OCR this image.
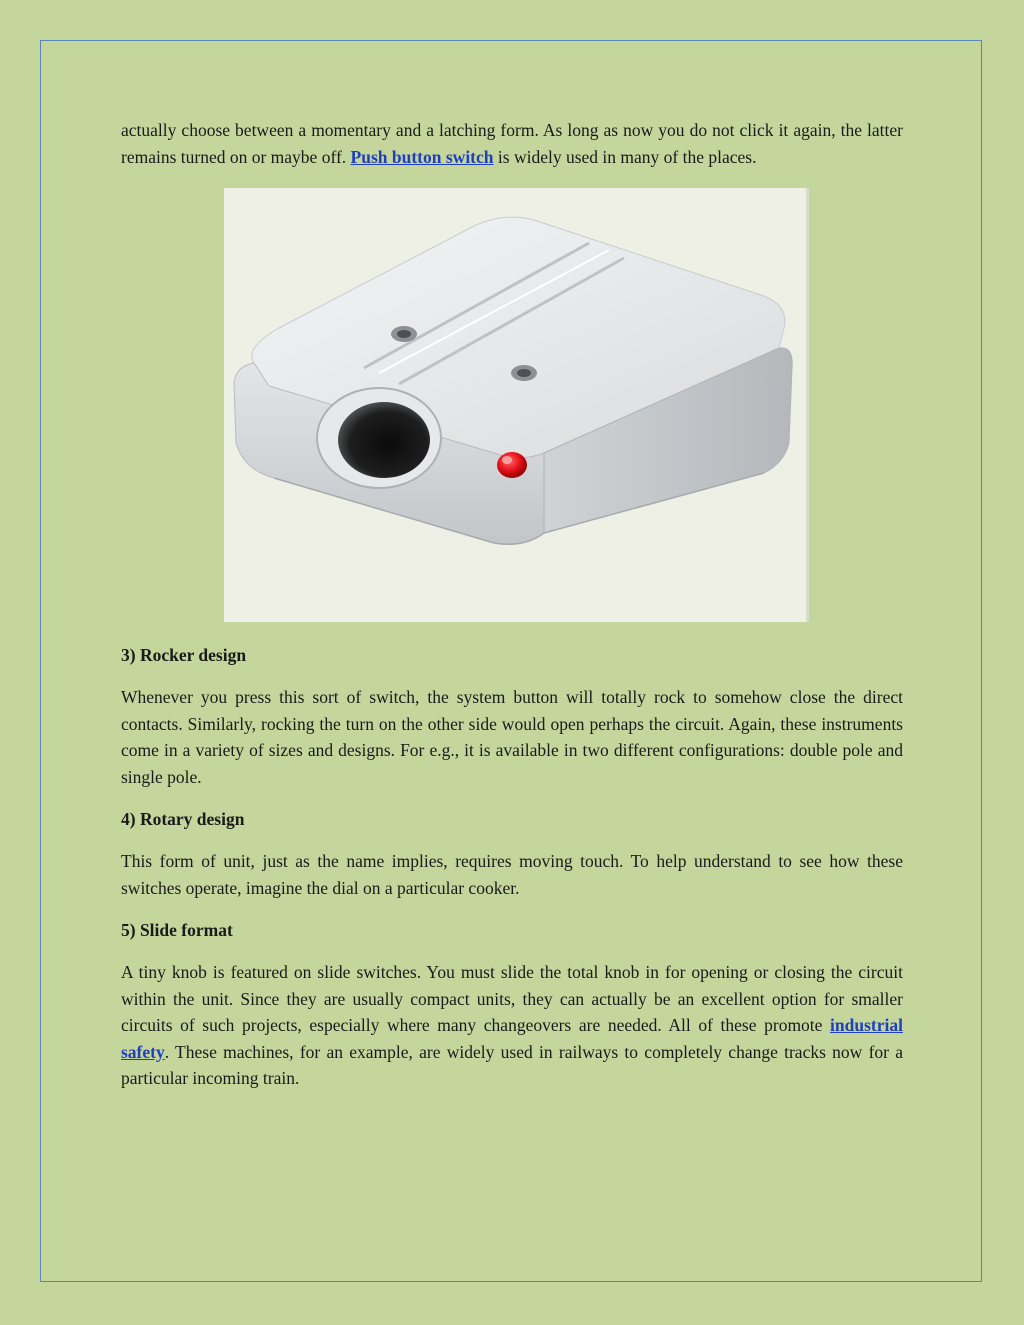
actually choose between a momentary and a latching form. As long as now you do not click it again, the latter remains turned on or maybe off. Push button switch is widely used in many of the places.

3) Rocker design

Whenever you press this sort of switch, the system button will totally rock to somehow close the direct contacts. Similarly, rocking the turn on the other side would open perhaps the circuit. Again, these instruments come in a variety of sizes and designs. For e.g., it is available in two different configurations: double pole and single pole.

4) Rotary design

This form of unit, just as the name implies, requires moving touch. To help understand to see how these switches operate, imagine the dial on a particular cooker.

5) Slide format

A tiny knob is featured on slide switches. You must slide the total knob in for opening or closing the circuit within the unit. Since they are usually compact units, they can actually be an excellent option for smaller circuits of such projects, especially where many changeovers are needed. All of these promote industrial safety. These machines, for an example, are widely used in railways to completely change tracks now for a particular incoming train.
